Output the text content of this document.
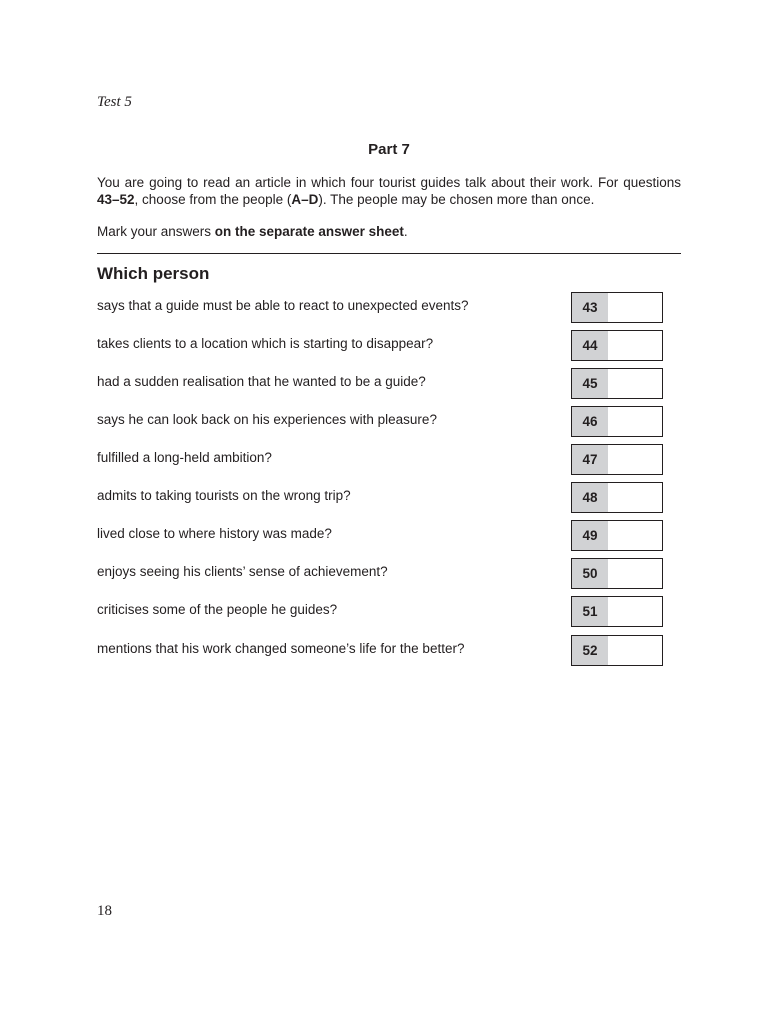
Test 5
Part 7

You are going to read an article in which four tourist guides talk about their work. For questions 43–52, choose from the people (A–D). The people may be chosen more than once.

Mark your answers on the separate answer sheet.

Which person
says that a guide must be able to react to unexpected events?	43
takes clients to a location which is starting to disappear?	44
had a sudden realisation that he wanted to be a guide?	45
says he can look back on his experiences with pleasure?	46
fulfilled a long-held ambition?	47
admits to taking tourists on the wrong trip?	48
lived close to where history was made?	49
enjoys seeing his clients’ sense of achievement?	50
criticises some of the people he guides?	51
mentions that his work changed someone’s life for the better?	52
18
